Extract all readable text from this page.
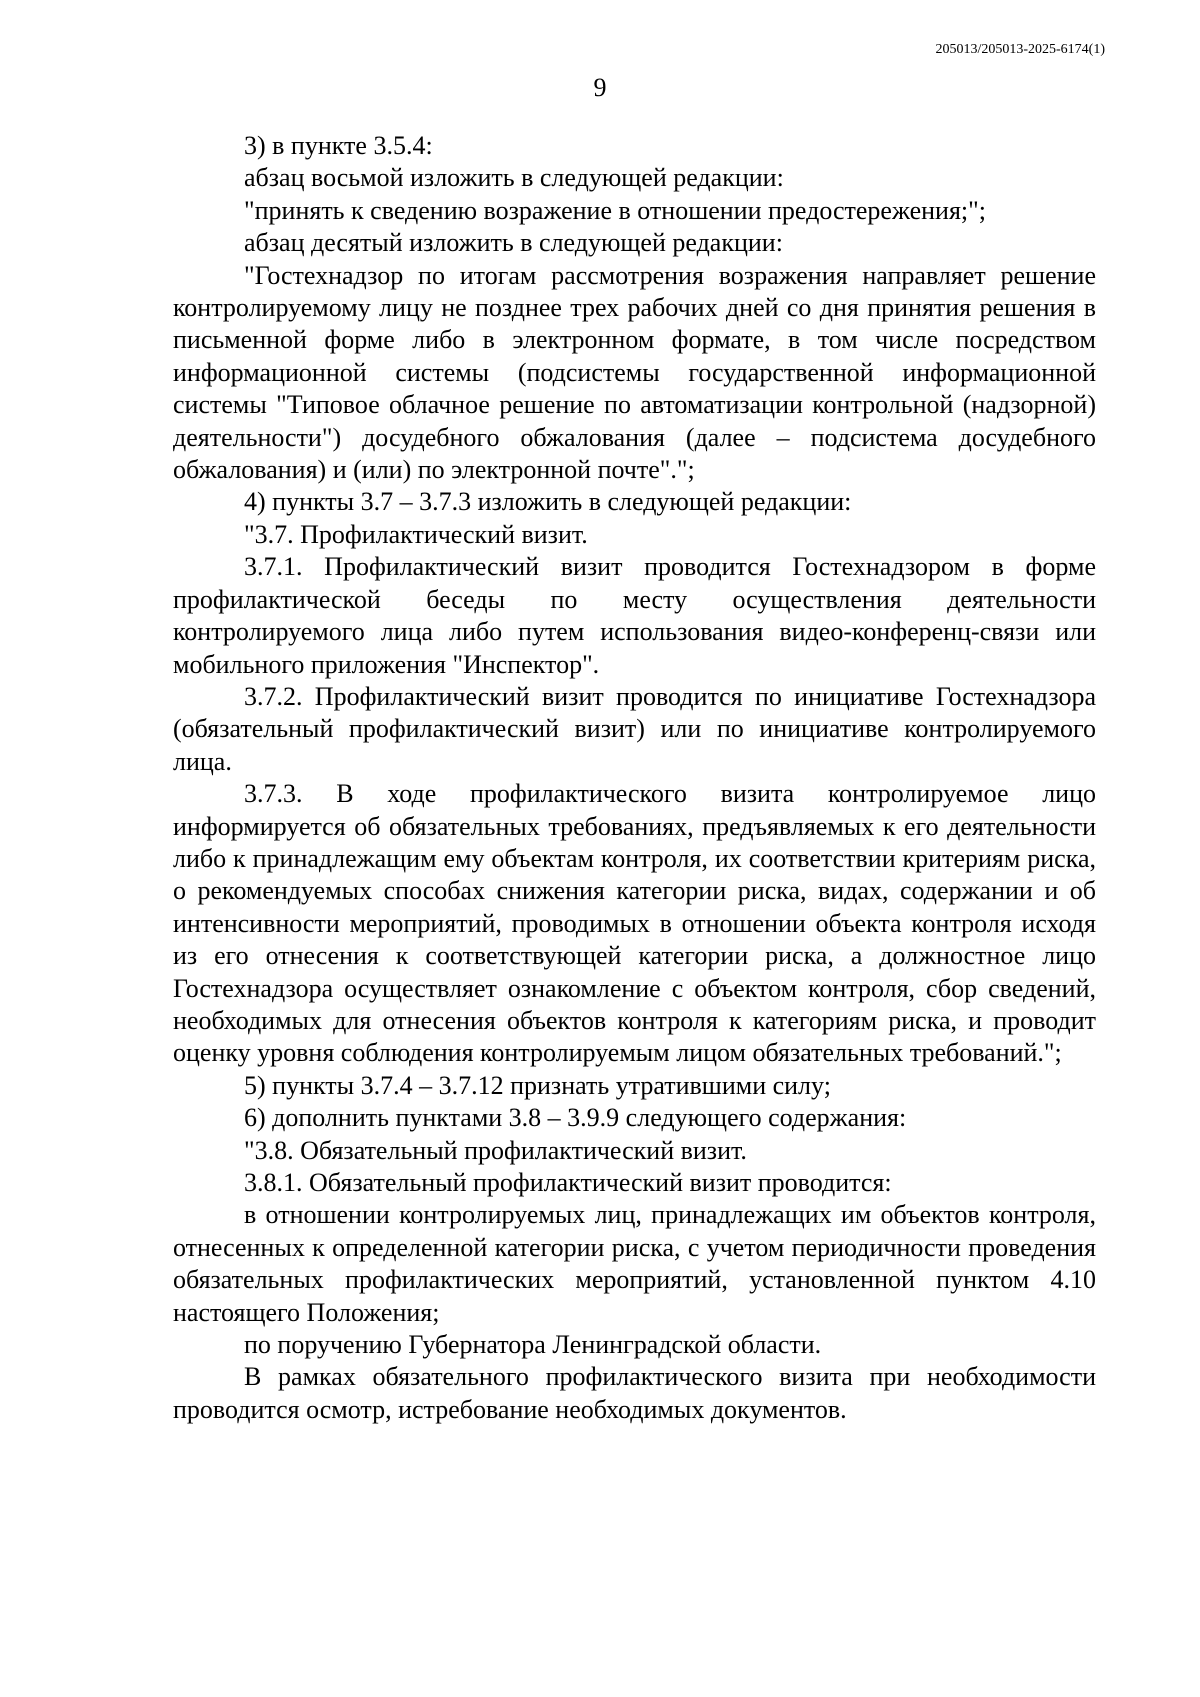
205013/205013-2025-6174(1)
9

3) в пункте 3.5.4:

абзац восьмой изложить в следующей редакции:

"принять к сведению возражение в отношении предостережения;";

абзац десятый изложить в следующей редакции:

"Гостехнадзор по итогам рассмотрения возражения направляет решение контролируемому лицу не позднее трех рабочих дней со дня принятия решения в письменной форме либо в электронном формате, в том числе посредством информационной системы (подсистемы государственной информационной системы "Типовое облачное решение по автоматизации контрольной (надзорной) деятельности") досудебного обжалования (далее – подсистема досудебного обжалования) и (или) по электронной почте".";

4) пункты 3.7 – 3.7.3 изложить в следующей редакции:

"3.7. Профилактический визит.

3.7.1. Профилактический визит проводится Гостехнадзором в форме профилактической беседы по месту осуществления деятельности контролируемого лица либо путем использования видео-конференц-связи или мобильного приложения "Инспектор".

3.7.2. Профилактический визит проводится по инициативе Гостехнадзора (обязательный профилактический визит) или по инициативе контролируемого лица.

3.7.3. В ходе профилактического визита контролируемое лицо информируется об обязательных требованиях, предъявляемых к его деятельности либо к принадлежащим ему объектам контроля, их соответствии критериям риска, о рекомендуемых способах снижения категории риска, видах, содержании и об интенсивности мероприятий, проводимых в отношении объекта контроля исходя из его отнесения к соответствующей категории риска, а должностное лицо Гостехнадзора осуществляет ознакомление с объектом контроля, сбор сведений, необходимых для отнесения объектов контроля к категориям риска, и проводит оценку уровня соблюдения контролируемым лицом обязательных требований.";

5) пункты 3.7.4 – 3.7.12 признать утратившими силу;

6) дополнить пунктами 3.8 – 3.9.9 следующего содержания:

"3.8. Обязательный профилактический визит.

3.8.1. Обязательный профилактический визит проводится:

в отношении контролируемых лиц, принадлежащих им объектов контроля, отнесенных к определенной категории риска, с учетом периодичности проведения обязательных профилактических мероприятий, установленной пунктом 4.10 настоящего Положения;

по поручению Губернатора Ленинградской области.

В рамках обязательного профилактического визита при необходимости проводится осмотр, истребование необходимых документов.
